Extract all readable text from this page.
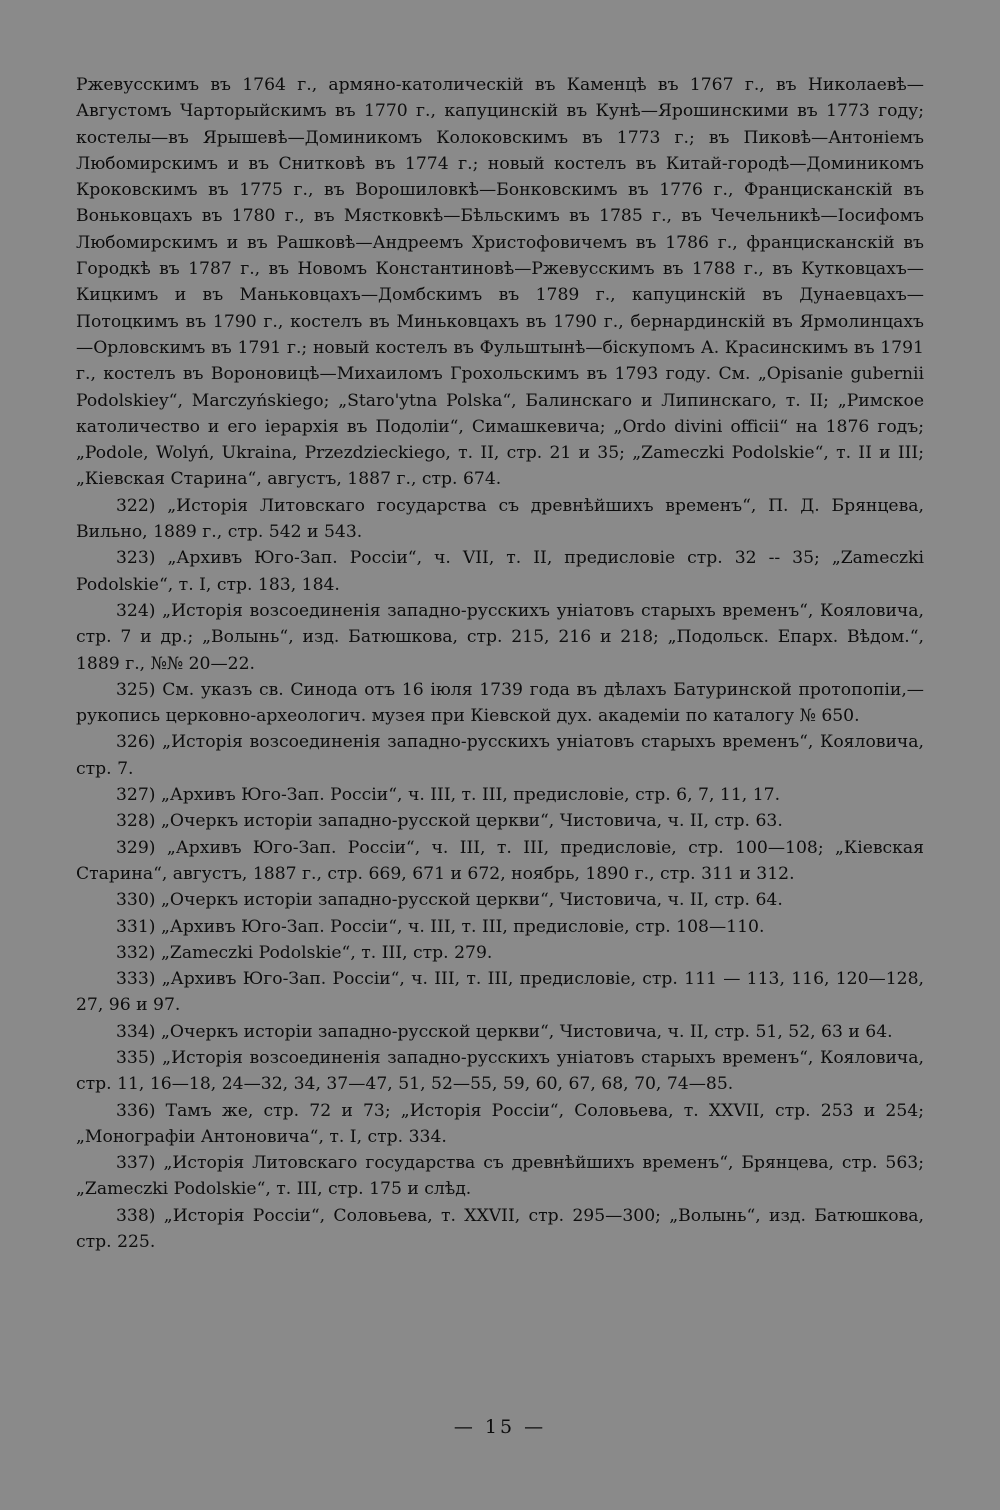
Ржевусскимъ въ 1764 г., армяно-католическій въ Каменцѣ въ 1767 г., въ Николаевѣ—Августомъ Чарторыйскимъ въ 1770 г., капуцинскій въ Кунѣ—Ярошинскими въ 1773 году; костелы—въ Ярышевѣ—Доминикомъ Колоковскимъ въ 1773 г.; въ Пиковѣ—Антоніемъ Любомирскимъ и въ Снитковѣ въ 1774 г.; новый костелъ въ Китай-городѣ—Доминикомъ Кроковскимъ въ 1775 г., въ Ворошиловкѣ—Бонковскимъ въ 1776 г., Францисканскій въ Воньковцахъ въ 1780 г., въ Мястковкѣ—Бѣльскимъ въ 1785 г., въ Чечельникѣ—Іосифомъ Любомирскимъ и въ Рашковѣ—Андреемъ Христофовичемъ въ 1786 г., францисканскій въ Городкѣ въ 1787 г., въ Новомъ Константиновѣ—Ржевусскимъ въ 1788 г., въ Кутковцахъ—Кицкимъ и въ Маньковцахъ—Домбскимъ въ 1789 г., капуцинскій въ Дунаевцахъ—Потоцкимъ въ 1790 г., костелъ въ Миньковцахъ въ 1790 г., бернардинскій въ Ярмолинцахъ—Орловскимъ въ 1791 г.; новый костелъ въ Фульштынѣ—біскупомъ А. Красинскимъ въ 1791 г., костелъ въ Вороновицѣ—Михаиломъ Грохольскимъ въ 1793 году. См. „Opisanie guberniі Podolskiey“, Marczyńskiego; „Staro'ytna Polska“, Балинскаго и Липинскаго, т. II; „Римское католичество и его іерархія въ Подоліи“, Симашкевича; „Ordo divini officii“ на 1876 годъ; „Podole, Wolyń, Ukraina, Przezdzieckiego, т. II, стр. 21 и 35; „Zameczki Podolskie“, т. II и III; „Кіевская Старина“, августъ, 1887 г., стр. 674.

322) „Исторія Литовскаго государства съ древнѣйшихъ временъ“, П. Д. Брянцева, Вильно, 1889 г., стр. 542 и 543.

323) „Архивъ Юго-Зап. Россіи“, ч. VII, т. II, предисловіе стр. 32 -- 35; „Zameczki Podolskie“, т. I, стр. 183, 184.

324) „Исторія возсоединенія западно-русскихъ уніатовъ старыхъ временъ“, Кояловича, стр. 7 и др.; „Волынь“, изд. Батюшкова, стр. 215, 216 и 218; „Подольск. Епарх. Вѣдом.“, 1889 г., №№ 20—22.

325) См. указъ св. Синода отъ 16 іюля 1739 года въ дѣлахъ Батуринской протопопіи,—рукопись церковно-археологич. музея при Кіевской дух. академіи по каталогу № 650.

326) „Исторія возсоединенія западно-русскихъ уніатовъ старыхъ временъ“, Кояловича, стр. 7.

327) „Архивъ Юго-Зап. Россіи“, ч. III, т. III, предисловіе, стр. 6, 7, 11, 17.

328) „Очеркъ исторіи западно-русской церкви“, Чистовича, ч. II, стр. 63.

329) „Архивъ Юго-Зап. Россіи“, ч. III, т. III, предисловіе, стр. 100—108; „Кіевская Старина“, августъ, 1887 г., стр. 669, 671 и 672, ноябрь, 1890 г., стр. 311 и 312.

330) „Очеркъ исторіи западно-русской церкви“, Чистовича, ч. II, стр. 64.

331) „Архивъ Юго-Зап. Россіи“, ч. III, т. III, предисловіе, стр. 108—110.

332) „Zameczki Podolskie“, т. III, стр. 279.

333) „Архивъ Юго-Зап. Россіи“, ч. III, т. III, предисловіе, стр. 111 — 113, 116, 120—128, 27, 96 и 97.

334) „Очеркъ исторіи западно-русской церкви“, Чистовича, ч. II, стр. 51, 52, 63 и 64.

335) „Исторія возсоединенія западно-русскихъ уніатовъ старыхъ временъ“, Кояловича, стр. 11, 16—18, 24—32, 34, 37—47, 51, 52—55, 59, 60, 67, 68, 70, 74—85.

336) Тамъ же, стр. 72 и 73; „Исторія Россіи“, Соловьева, т. XXVII, стр. 253 и 254; „Монографіи Антоновича“, т. I, стр. 334.

337) „Исторія Литовскаго государства съ древнѣйшихъ временъ“, Брянцева, стр. 563; „Zameczki Podolskie“, т. III, стр. 175 и слѣд.

338) „Исторія Россіи“, Соловьева, т. XXVII, стр. 295—300; „Волынь“, изд. Батюшкова, стр. 225.

— 15 —
